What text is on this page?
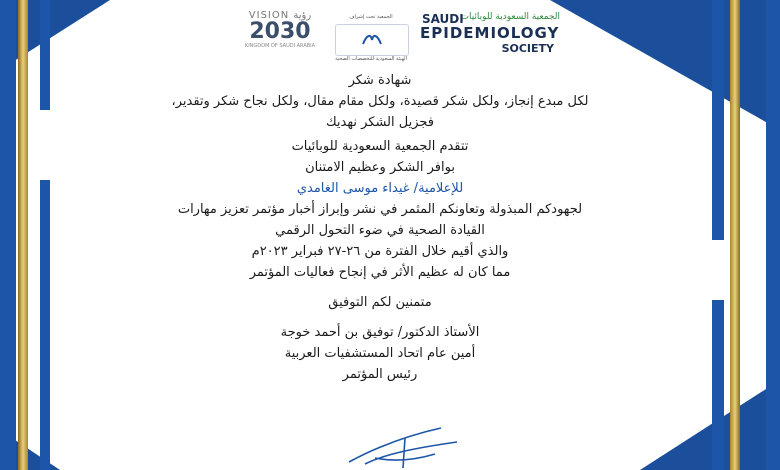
VISION رؤية
2030
KINGDOM OF SAUDI ARABIA
الجمعية تحت إشراف
الهيئة السعودية للتخصصات الصحية
SAUDI
الجمعية السعودية للوبائيات
EPIDEMIOLOGY
SOCIETY
شهادة شكر
لكل مبدع إنجاز، ولكل شكر قصيدة، ولكل مقام مقال، ولكل نجاح شكر وتقدير،
فجزيل الشكر نهديك
تتقدم الجمعية السعودية للوبائيات
بوافر الشكر وعظيم الامتنان
للإعلامية/ غيداء موسى الغامدي
لجهودكم المبذولة وتعاونكم المثمر في نشر وإبراز أخبار مؤتمر تعزيز مهارات
القيادة الصحية في ضوء التحول الرقمي
والذي أقيم خلال الفترة من ٢٦-٢٧ فبراير ٢٠٢٣م
مما كان له عظيم الأثر في إنجاح فعاليات المؤتمر
متمنين لكم التوفيق
الأستاذ الدكتور/ توفيق بن أحمد خوجة
أمين عام اتحاد المستشفيات العربية
رئيس المؤتمر
